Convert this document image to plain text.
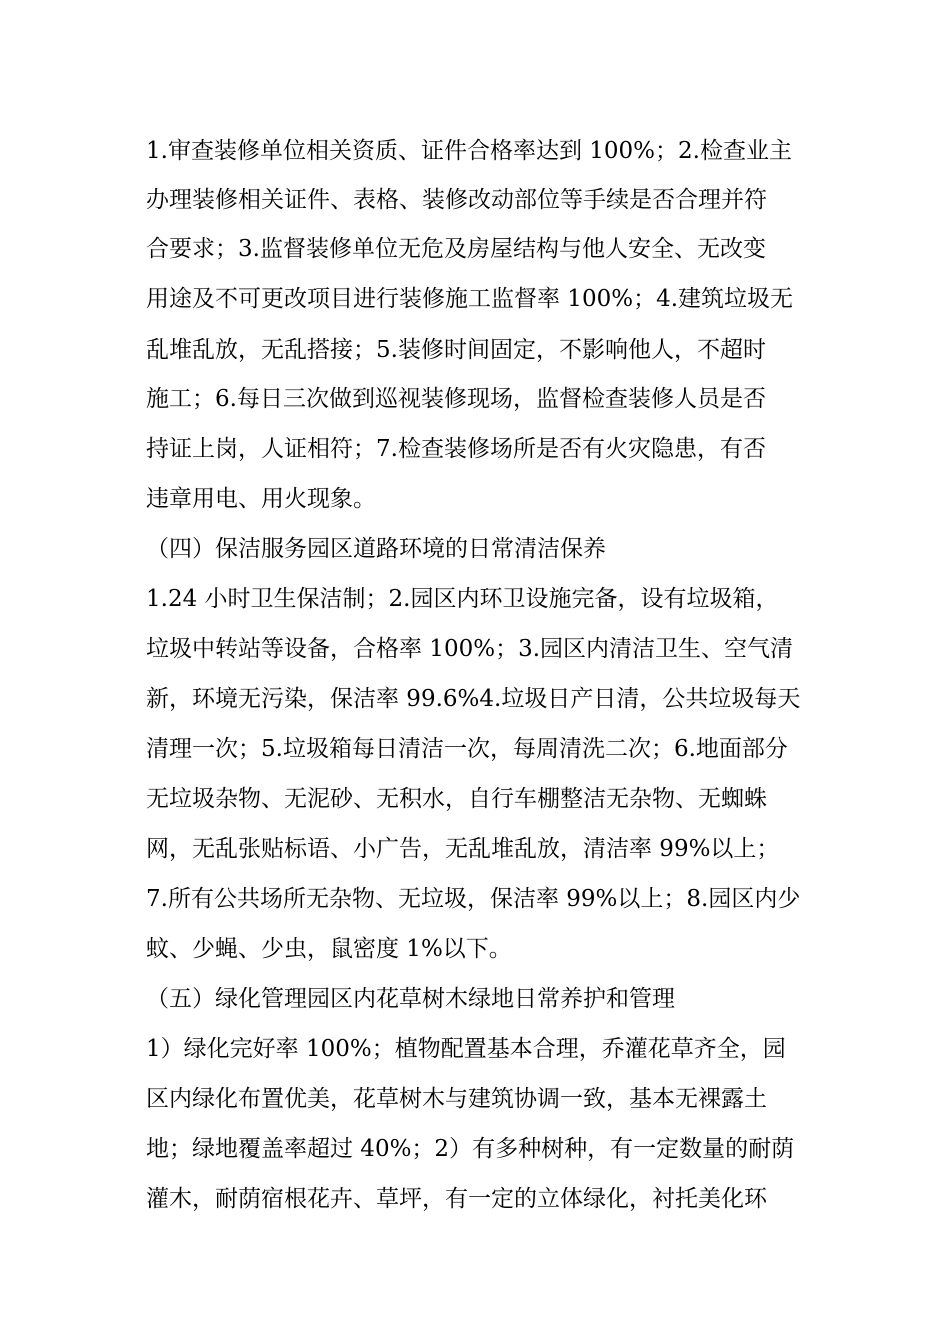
1.审查装修单位相关资质、证件合格率达到 100%；2.检查业主
办理装修相关证件、表格、装修改动部位等手续是否合理并符
合要求；3.监督装修单位无危及房屋结构与他人安全、无改变
用途及不可更改项目进行装修施工监督率 100%；4.建筑垃圾无
乱堆乱放，无乱搭接；5.装修时间固定，不影响他人，不超时
施工；6.每日三次做到巡视装修现场，监督检查装修人员是否
持证上岗，人证相符；7.检查装修场所是否有火灾隐患，有否
违章用电、用火现象。
（四）保洁服务园区道路环境的日常清洁保养
1.24 小时卫生保洁制；2.园区内环卫设施完备，设有垃圾箱，
垃圾中转站等设备，合格率 100%；3.园区内清洁卫生、空气清
新，环境无污染，保洁率 99.6%4.垃圾日产日清，公共垃圾每天
清理一次；5.垃圾箱每日清洁一次，每周清洗二次；6.地面部分
无垃圾杂物、无泥砂、无积水，自行车棚整洁无杂物、无蜘蛛
网，无乱张贴标语、小广告，无乱堆乱放，清洁率 99%以上；
7.所有公共场所无杂物、无垃圾，保洁率 99%以上；8.园区内少
蚊、少蝇、少虫，鼠密度 1%以下。
（五）绿化管理园区内花草树木绿地日常养护和管理
1）绿化完好率 100%；植物配置基本合理，乔灌花草齐全，园
区内绿化布置优美，花草树木与建筑协调一致，基本无裸露土
地；绿地覆盖率超过 40%；2）有多种树种，有一定数量的耐荫
灌木，耐荫宿根花卉、草坪，有一定的立体绿化，衬托美化环
